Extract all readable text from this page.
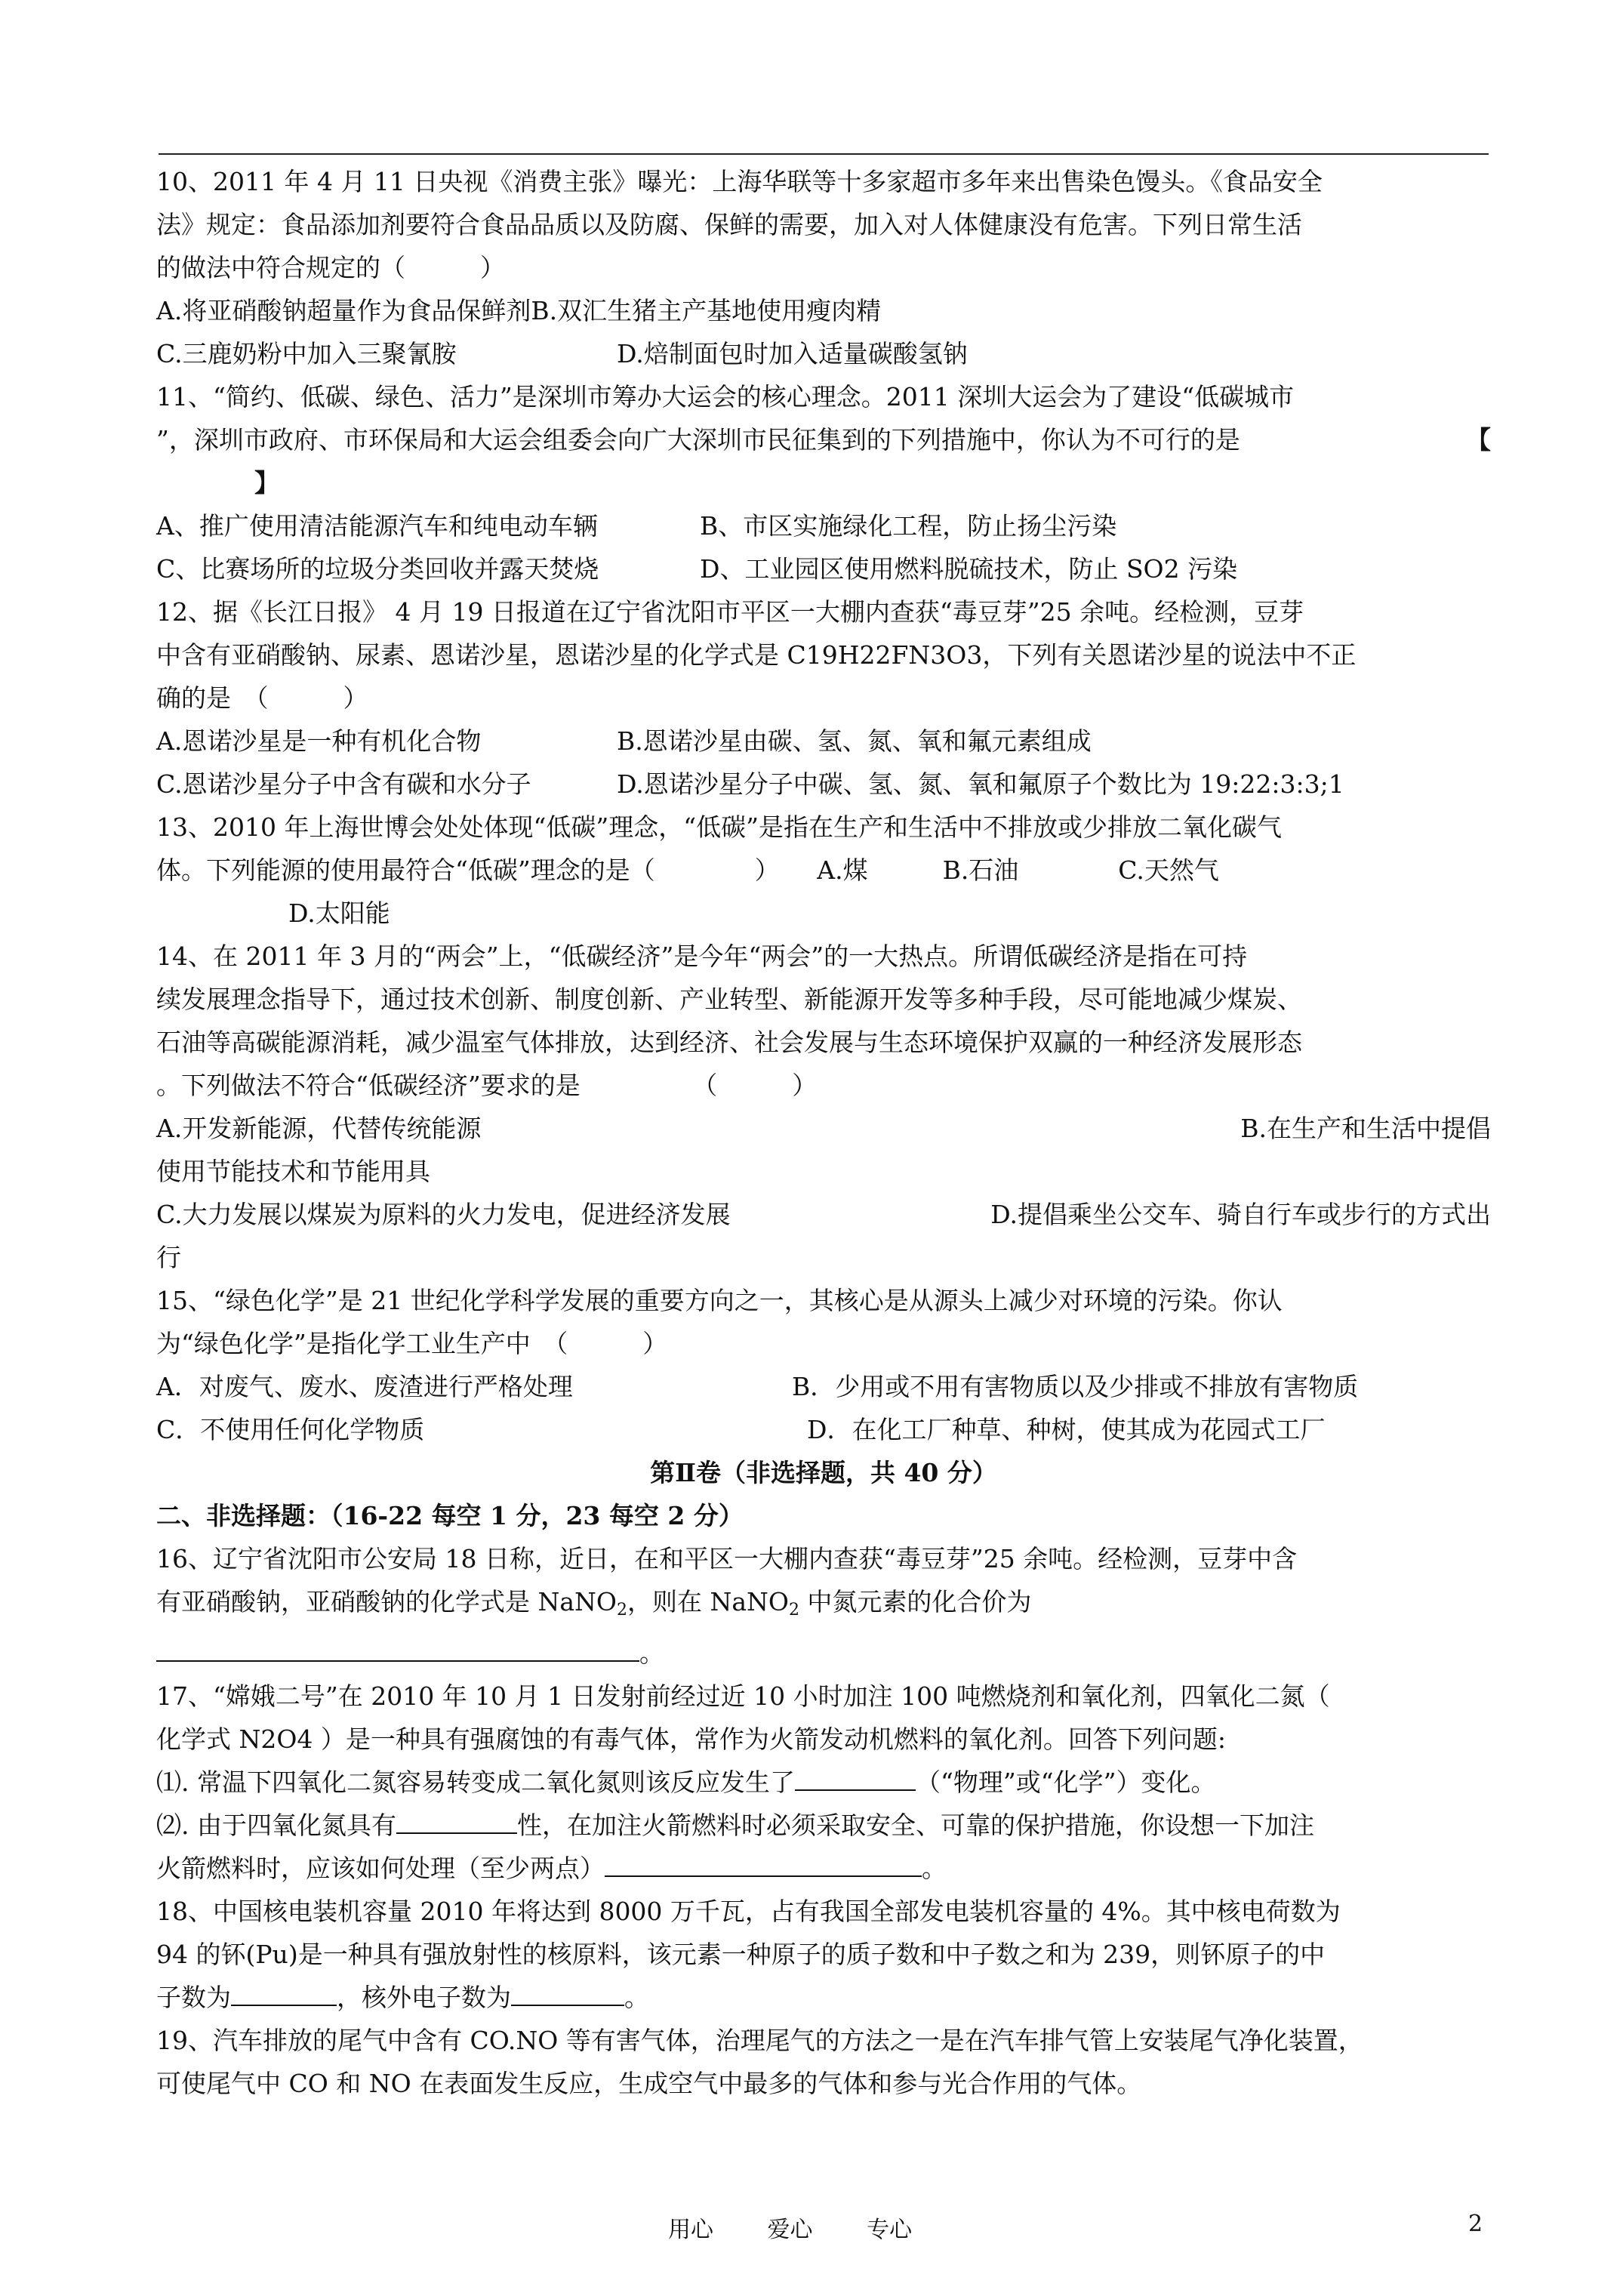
10、2011 年 4 月 11 日央视《消费主张》曝光：上海华联等十多家超市多年来出售染色馒头。《食品安全

法》规定：食品添加剂要符合食品品质以及防腐、保鲜的需要，加入对人体健康没有危害。下列日常生活

的做法中符合规定的（　　　）

A.将亚硝酸钠超量作为食品保鲜剂 B.双汇生猪主产基地使用瘦肉精

C.三鹿奶粉中加入三聚氰胺	D.焙制面包时加入适量碳酸氢钠

11、“简约、低碳、绿色、活力”是深圳市筹办大运会的核心理念。2011 深圳大运会为了建设“低碳城市

”，深圳市政府、市环保局和大运会组委会向广大深圳市民征集到的下列措施中，你认为不可行的是	【

】

A、推广使用清洁能源汽车和纯电动车辆	B、市区实施绿化工程，防止扬尘污染

C、比赛场所的垃圾分类回收并露天焚烧	D、工业园区使用燃料脱硫技术，防止 SO2 污染

12、据《长江日报》 4 月 19 日报道在辽宁省沈阳市平区一大棚内查获“毒豆芽”25 余吨。经检测，豆芽

中含有亚硝酸钠、尿素、恩诺沙星，恩诺沙星的化学式是 C19H22FN3O3，下列有关恩诺沙星的说法中不正

确的是　（　　　）

A.恩诺沙星是一种有机化合物	B.恩诺沙星由碳、氢、氮、氧和氟元素组成

C.恩诺沙星分子中含有碳和水分子	D.恩诺沙星分子中碳、氢、氮、氧和氟原子个数比为 19:22:3:3;1

13、2010 年上海世博会处处体现“低碳”理念，“低碳”是指在生产和生活中不排放或少排放二氧化碳气

体。下列能源的使用最符合“低碳”理念的是（　　　　）　　A.煤　　　B.石油　　　　C.天然气

D.太阳能

14、在 2011 年 3 月的“两会”上，“低碳经济”是今年“两会”的一大热点。所谓低碳经济是指在可持

续发展理念指导下，通过技术创新、制度创新、产业转型、新能源开发等多种手段，尽可能地减少煤炭、

石油等高碳能源消耗，减少温室气体排放，达到经济、社会发展与生态环境保护双赢的一种经济发展形态

。下列做法不符合“低碳经济”要求的是　　　　　（　　　）

A.开发新能源，代替传统能源	B.在生产和生活中提倡

使用节能技术和节能用具

C.大力发展以煤炭为原料的火力发电，促进经济发展	D.提倡乘坐公交车、骑自行车或步行的方式出

行

15、“绿色化学”是 21 世纪化学科学发展的重要方向之一，其核心是从源头上减少对环境的污染。你认

为“绿色化学”是指化学工业生产中　（　　　）

A．对废气、废水、废渣进行严格处理	B．少用或不用有害物质以及少排或不排放有害物质

C．不使用任何化学物质	D．在化工厂种草、种树，使其成为花园式工厂

第Ⅱ卷（非选择题，共 40 分）

二、非选择题：（16-22 每空 1 分，23 每空 2 分）

16、辽宁省沈阳市公安局 18 日称，近日，在和平区一大棚内查获“毒豆芽”25 余吨。经检测，豆芽中含

有亚硝酸钠，亚硝酸钠的化学式是 NaNO$_2$，则在 NaNO$_2$ 中氮元素的化合价为

。

17、“嫦娥二号”在 2010 年 10 月 1 日发射前经过近 10 小时加注 100 吨燃烧剂和氧化剂，四氧化二氮（

化学式 N2O4 ）是一种具有强腐蚀的有毒气体，常作为火箭发动机燃料的氧化剂。回答下列问题:

⑴. 常温下四氧化二氮容易转变成二氧化氮则该反应发生了	（“物理”或“化学”）变化。

⑵. 由于四氧化氮具有	性，在加注火箭燃料时必须采取安全、可靠的保护措施，你设想一下加注

火箭燃料时，应该如何处理（至少两点）	。

18、中国核电装机容量 2010 年将达到 8000 万千瓦，占有我国全部发电装机容量的 4%。其中核电荷数为

94 的钚(Pu)是一种具有强放射性的核原料，该元素一种原子的质子数和中子数之和为 239，则钚原子的中

子数为	，核外电子数为	。

19、汽车排放的尾气中含有 CO.NO 等有害气体，治理尾气的方法之一是在汽车排气管上安装尾气净化装置，

可使尾气中 CO 和 NO 在表面发生反应，生成空气中最多的气体和参与光合作用的气体。

用心 爱心 专心	2
